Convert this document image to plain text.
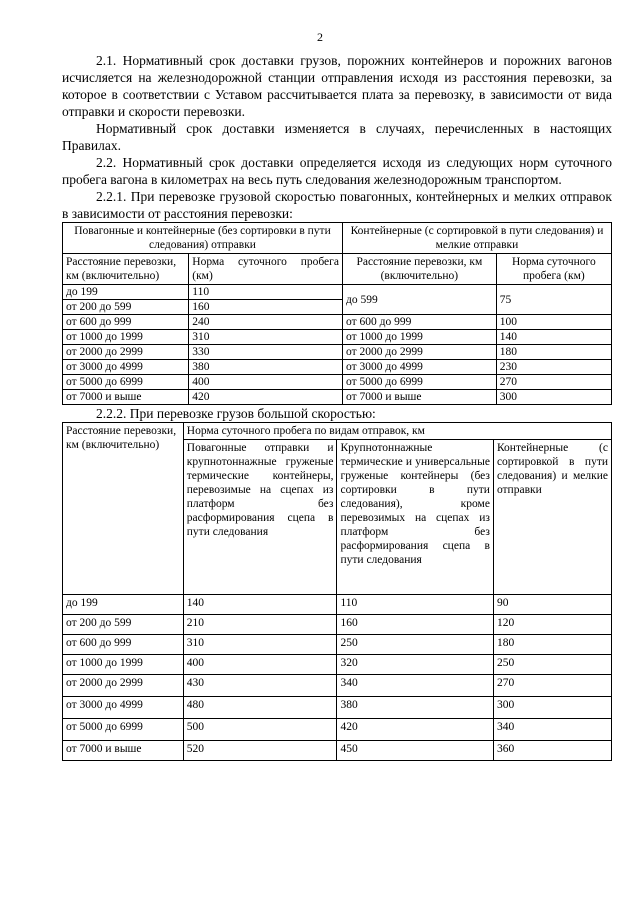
2

2.1. Нормативный срок доставки грузов, порожних контейнеров и порожних вагонов исчисляется на железнодорожной станции отправления исходя из расстояния перевозки, за которое в соответствии с Уставом рассчитывается плата за перевозку, в зависимости от вида отправки и скорости перевозки.

Нормативный срок доставки изменяется в случаях, перечисленных в настоящих Правилах.

2.2. Нормативный срок доставки определяется исходя из следующих норм суточного пробега вагона в километрах на весь путь следования железнодорожным транспортом.

2.2.1. При перевозке грузовой скоростью повагонных, контейнерных и мелких отправок в зависимости от расстояния перевозки:

Повагонные и контейнерные (без сортировки в пути следования) отправки		Контейнерные (с сортировкой в пути следования) и мелкие отправки	
Расстояние перевозки, км (включительно)	Норма суточного пробега (км)	Расстояние перевозки, км (включительно)	Норма суточного пробега (км)
до 199	110	до 599	75
от 200 до 599	160		
от 600 до 999	240	от 600 до 999	100
от 1000 до 1999	310	от 1000 до 1999	140
от 2000 до 2999	330	от 2000 до 2999	180
от 3000 до 4999	380	от 3000 до 4999	230
от 5000 до 6999	400	от 5000 до 6999	270
от 7000 и выше	420	от 7000 и выше	300

2.2.2. При перевозке грузов большой скоростью:

Расстояние перевозки, км (включительно)	Норма суточного пробега по видам отправок, км		
	Повагонные отправки и крупнотоннажные груженые термические контейнеры, перевозимые на сцепах из платформ без расформирования сцепа в пути следования	Крупнотоннажные термические и универсальные груженые контейнеры (без сортировки в пути следования), кроме перевозимых на сцепах из платформ без расформирования сцепа в пути следования	Контейнерные (с сортировкой в пути следования) и мелкие отправки
до 199	140	110	90
от 200 до 599	210	160	120
от 600 до 999	310	250	180
от 1000 до 1999	400	320	250
от 2000 до 2999	430	340	270
от 3000 до 4999	480	380	300
от 5000 до 6999	500	420	340
от 7000 и выше	520	450	360
